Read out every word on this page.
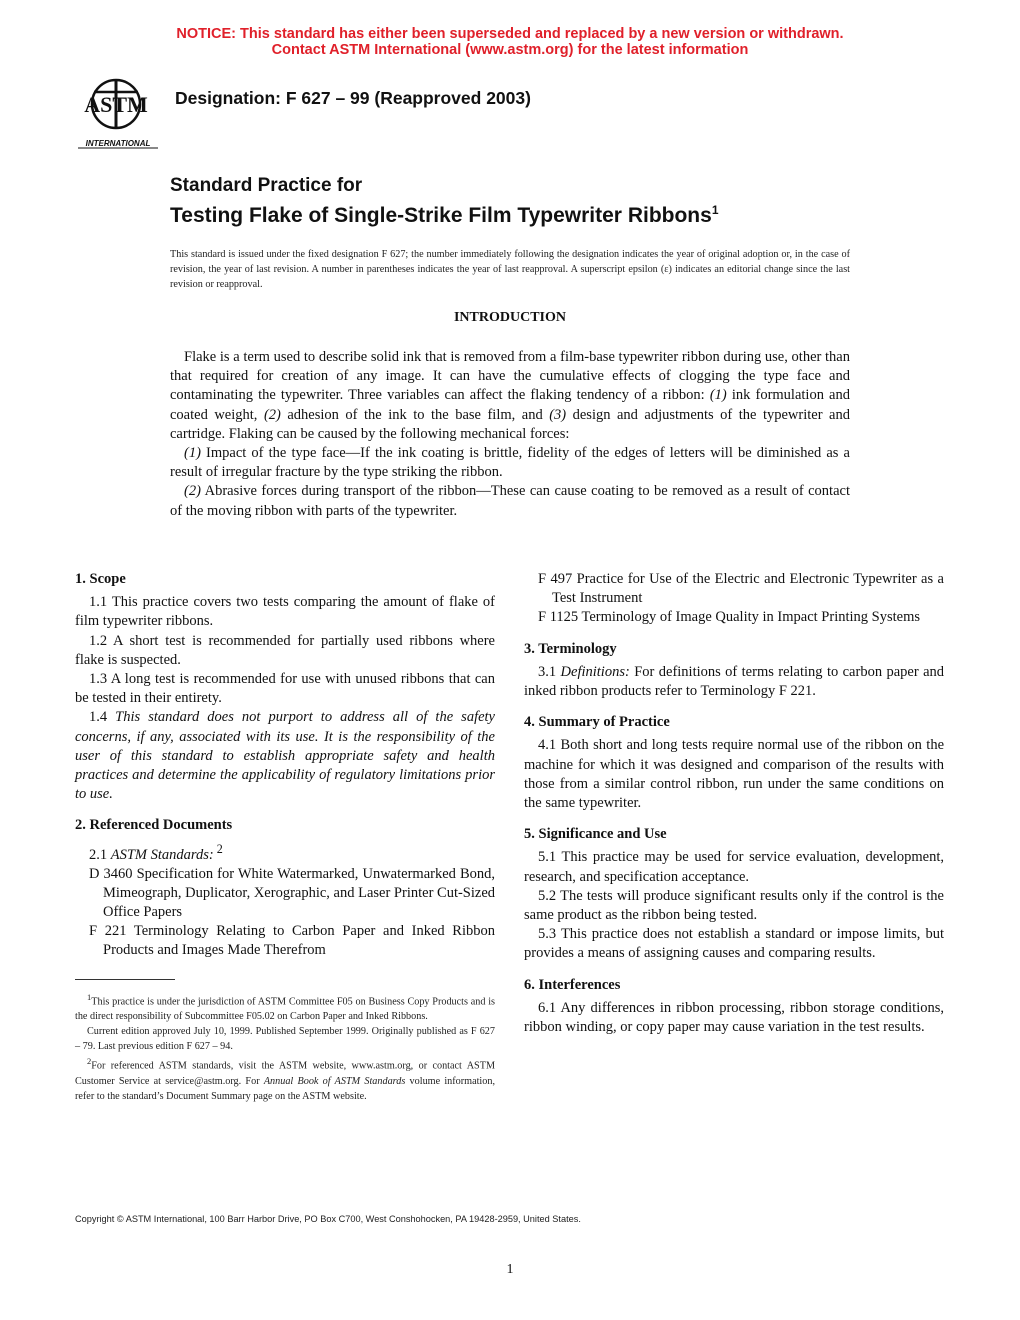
NOTICE: This standard has either been superseded and replaced by a new version or withdrawn.
Contact ASTM International (www.astm.org) for the latest information
ASTM
INTERNATIONAL
Designation: F 627 – 99 (Reapproved 2003)
Standard Practice for
Testing Flake of Single-Strike Film Typewriter Ribbons$^1$
This standard is issued under the fixed designation F 627; the number immediately following the designation indicates the year of original adoption or, in the case of revision, the year of last revision. A number in parentheses indicates the year of last reapproval. A superscript epsilon (ε) indicates an editorial change since the last revision or reapproval.
INTRODUCTION

Flake is a term used to describe solid ink that is removed from a film-base typewriter ribbon during use, other than that required for creation of any image. It can have the cumulative effects of clogging the type face and contaminating the typewriter. Three variables can affect the flaking tendency of a ribbon: (1) ink formulation and coated weight, (2) adhesion of the ink to the base film, and (3) design and adjustments of the typewriter and cartridge. Flaking can be caused by the following mechanical forces:

(1) Impact of the type face—If the ink coating is brittle, fidelity of the edges of letters will be diminished as a result of irregular fracture by the type striking the ribbon.

(2) Abrasive forces during transport of the ribbon—These can cause coating to be removed as a result of contact of the moving ribbon with parts of the typewriter.

1. Scope

1.1 This practice covers two tests comparing the amount of flake of film typewriter ribbons.

1.2 A short test is recommended for partially used ribbons where flake is suspected.

1.3 A long test is recommended for use with unused ribbons that can be tested in their entirety.

1.4 This standard does not purport to address all of the safety concerns, if any, associated with its use. It is the responsibility of the user of this standard to establish appropriate safety and health practices and determine the applicability of regulatory limitations prior to use.

2. Referenced Documents

2.1 ASTM Standards: $^2$

D 3460 Specification for White Watermarked, Unwatermarked Bond, Mimeograph, Duplicator, Xerographic, and Laser Printer Cut-Sized Office Papers

F 221 Terminology Relating to Carbon Paper and Inked Ribbon Products and Images Made Therefrom

F 497 Practice for Use of the Electric and Electronic Typewriter as a Test Instrument

F 1125 Terminology of Image Quality in Impact Printing Systems

3. Terminology

3.1 Definitions: For definitions of terms relating to carbon paper and inked ribbon products refer to Terminology F 221.

4. Summary of Practice

4.1 Both short and long tests require normal use of the ribbon on the machine for which it was designed and comparison of the results with those from a similar control ribbon, run under the same conditions on the same typewriter.

5. Significance and Use

5.1 This practice may be used for service evaluation, development, research, and specification acceptance.

5.2 The tests will produce significant results only if the control is the same product as the ribbon being tested.

5.3 This practice does not establish a standard or impose limits, but provides a means of assigning causes and comparing results.

6. Interferences

6.1 Any differences in ribbon processing, ribbon storage conditions, ribbon winding, or copy paper may cause variation in the test results.

$^1$This practice is under the jurisdiction of ASTM Committee F05 on Business Copy Products and is the direct responsibility of Subcommittee F05.02 on Carbon Paper and Inked Ribbons.

Current edition approved July 10, 1999. Published September 1999. Originally published as F 627 – 79. Last previous edition F 627 – 94.

$^2$For referenced ASTM standards, visit the ASTM website, www.astm.org, or contact ASTM Customer Service at service@astm.org. For Annual Book of ASTM Standards volume information, refer to the standard’s Document Summary page on the ASTM website.

Copyright © ASTM International, 100 Barr Harbor Drive, PO Box C700, West Conshohocken, PA 19428-2959, United States.
1
